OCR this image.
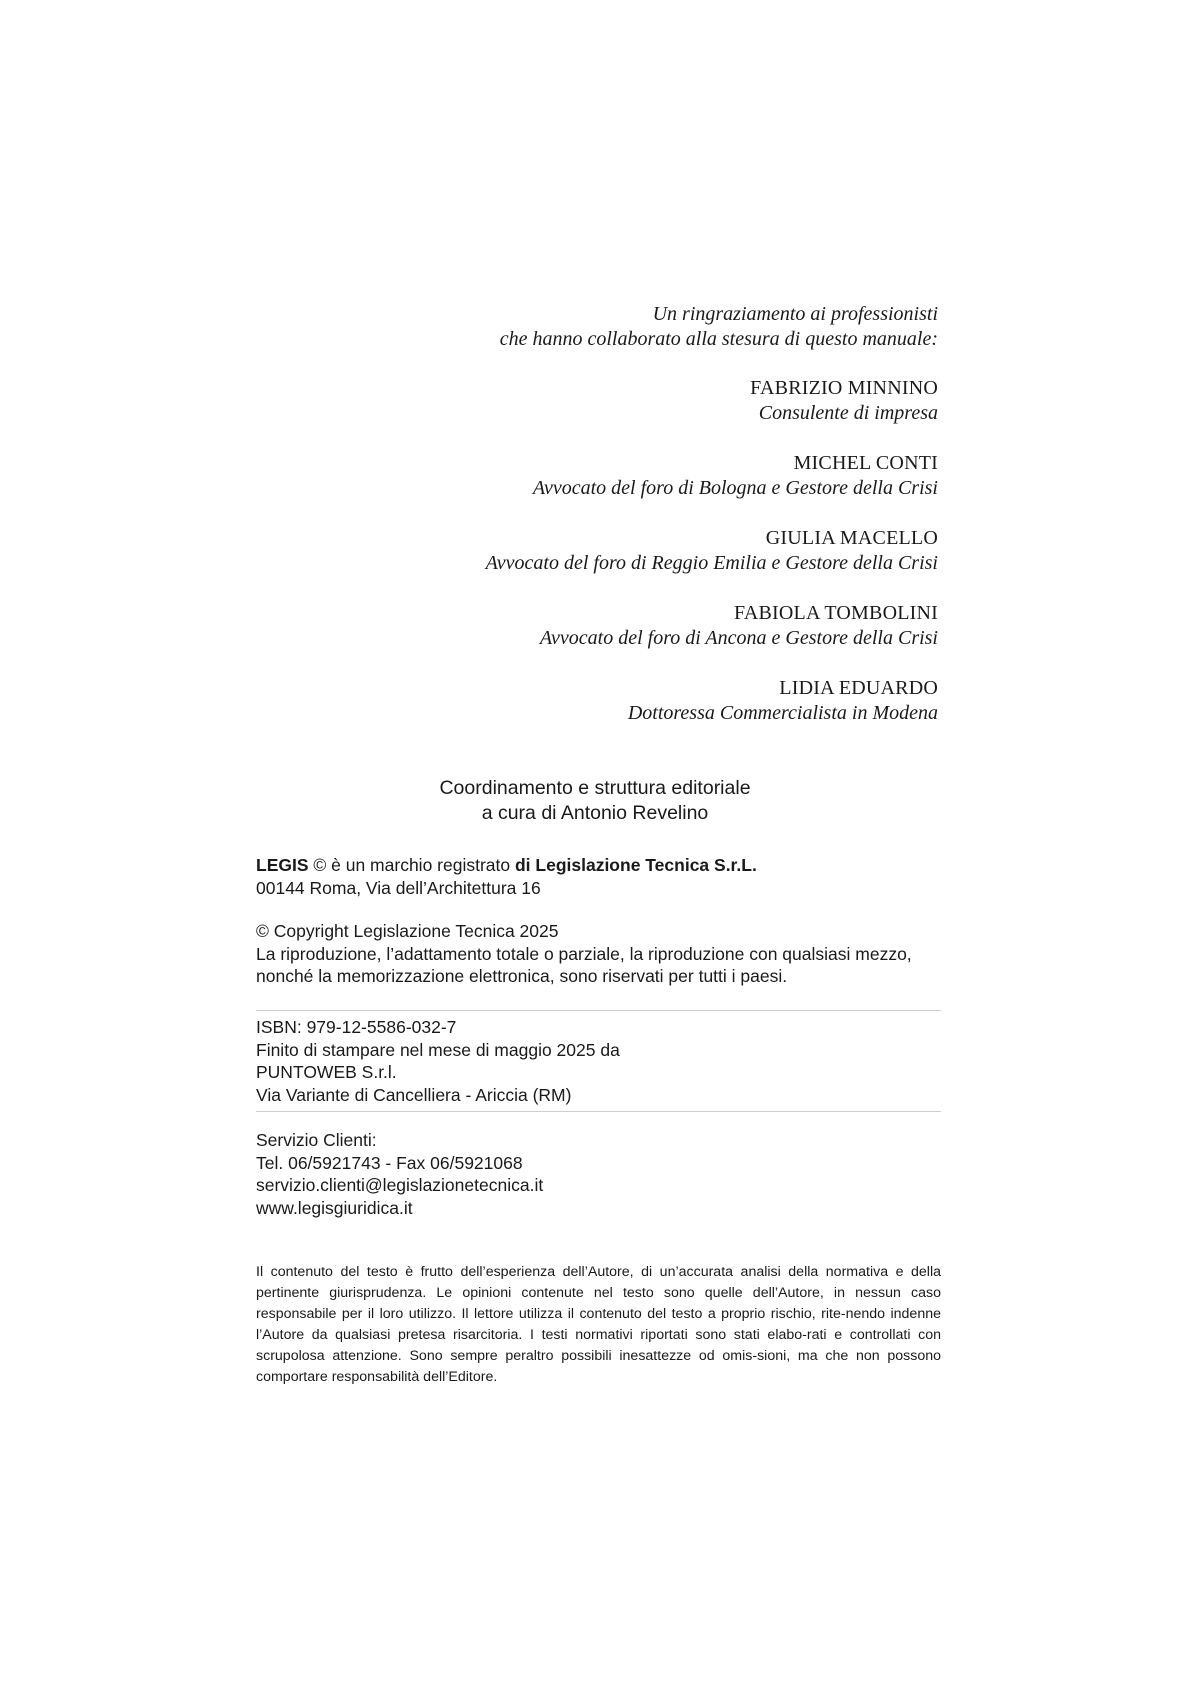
Un ringraziamento ai professionisti
che hanno collaborato alla stesura di questo manuale:
FABRIZIO MINNINO
Consulente di impresa
MICHEL CONTI
Avvocato del foro di Bologna e Gestore della Crisi
GIULIA MACELLO
Avvocato del foro di Reggio Emilia e Gestore della Crisi
FABIOLA TOMBOLINI
Avvocato del foro di Ancona e Gestore della Crisi
LIDIA EDUARDO
Dottoressa Commercialista in Modena
Coordinamento e struttura editoriale
a cura di Antonio Revelino

LEGIS © è un marchio registrato di Legislazione Tecnica S.r.L.

00144 Roma, Via dell’Architettura 16

© Copyright Legislazione Tecnica 2025

La riproduzione, l’adattamento totale o parziale, la riproduzione con qualsiasi mezzo,

nonché la memorizzazione elettronica, sono riservati per tutti i paesi.

ISBN: 979-12-5586-032-7

Finito di stampare nel mese di maggio 2025 da

PUNTOWEB S.r.l.

Via Variante di Cancelliera - Ariccia (RM)

Servizio Clienti:

Tel. 06/5921743 - Fax 06/5921068

servizio.clienti@legislazionetecnica.it

www.legisgiuridica.it

Il contenuto del testo è frutto dell’esperienza dell’Autore, di un’accurata analisi della normativa e della pertinente giurisprudenza. Le opinioni contenute nel testo sono quelle dell’Autore, in nessun caso responsabile per il loro utilizzo. Il lettore utilizza il contenuto del testo a proprio rischio, rite-nendo indenne l’Autore da qualsiasi pretesa risarcitoria. I testi normativi riportati sono stati elabo-rati e controllati con scrupolosa attenzione. Sono sempre peraltro possibili inesattezze od omis-sioni, ma che non possono comportare responsabilità dell’Editore.
